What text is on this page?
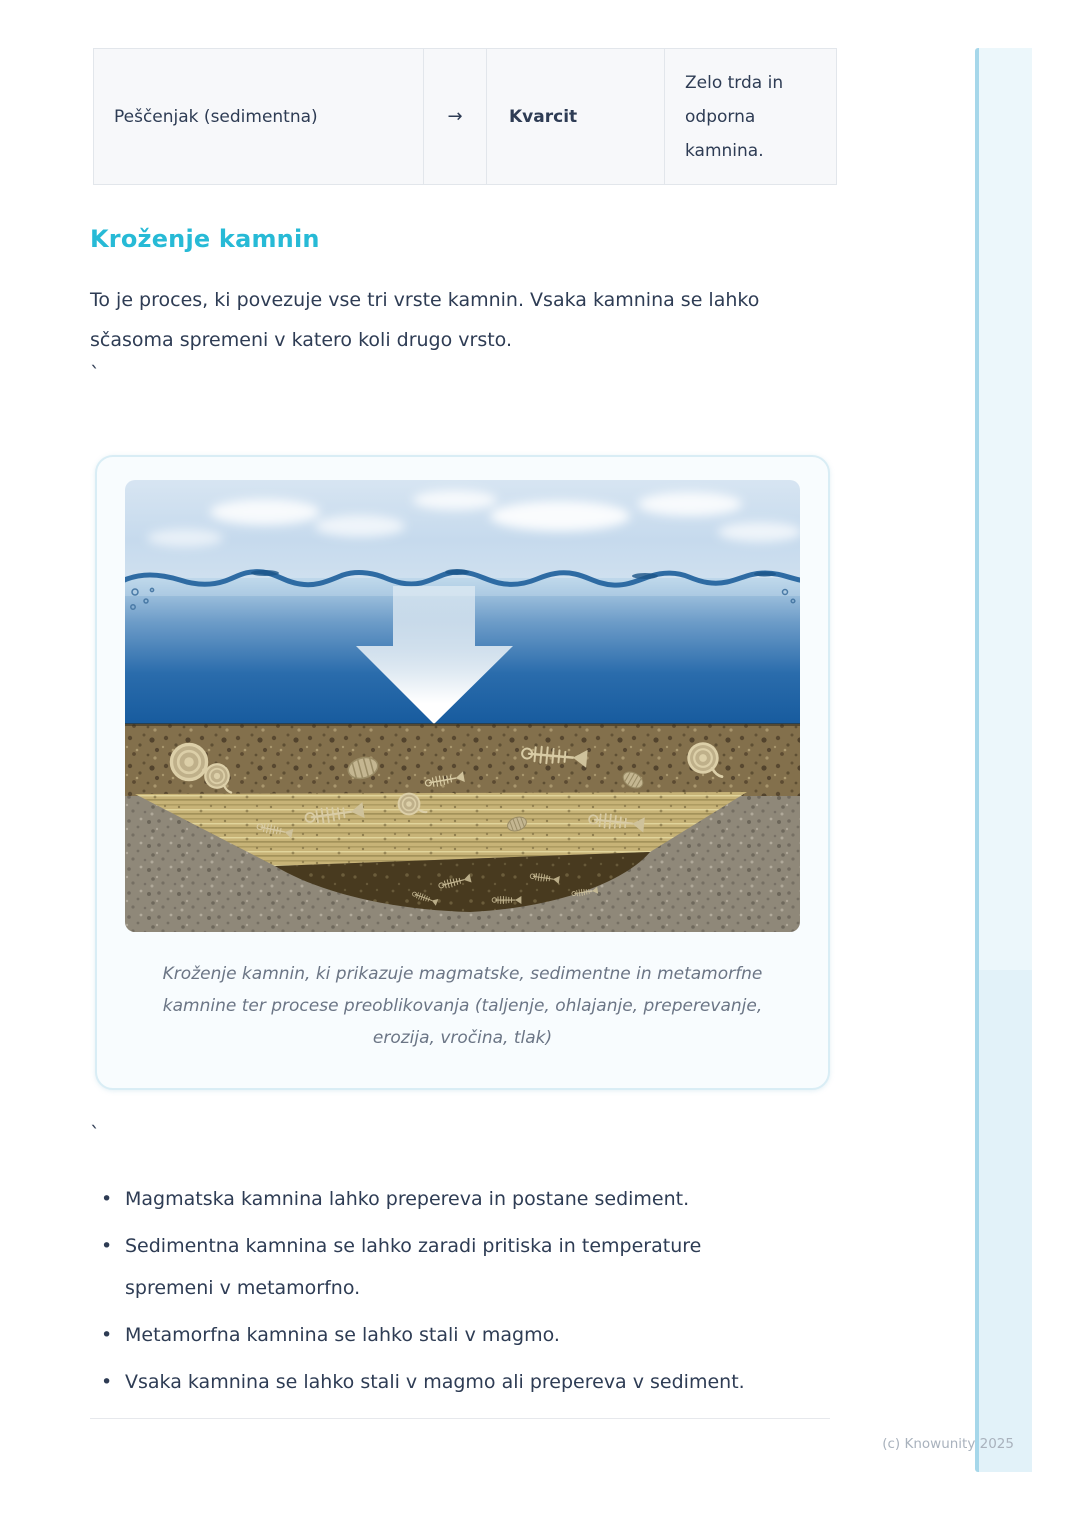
Peščenjak (sedimentna)	→	Kvarcit	Zelo trda in odporna kamnina.
Kroženje kamnin

To je proces, ki povezuje vse tri vrste kamnin. Vsaka kamnina se lahko sčasoma spremeni v katero koli drugo vrsto.

`
Kroženje kamnin, ki prikazuje magmatske, sedimentne in metamorfne kamnine ter procese preoblikovanja (taljenje, ohlajanje, preperevanje, erozija, vročina, tlak)
`
• Magmatska kamnina lahko prepereva in postane sediment.
• Sedimentna kamnina se lahko zaradi pritiska in temperature spremeni v metamorfno.
• Metamorfna kamnina se lahko stali v magmo.
• Vsaka kamnina se lahko stali v magmo ali prepereva v sediment.
(c) Knowunity 2025
